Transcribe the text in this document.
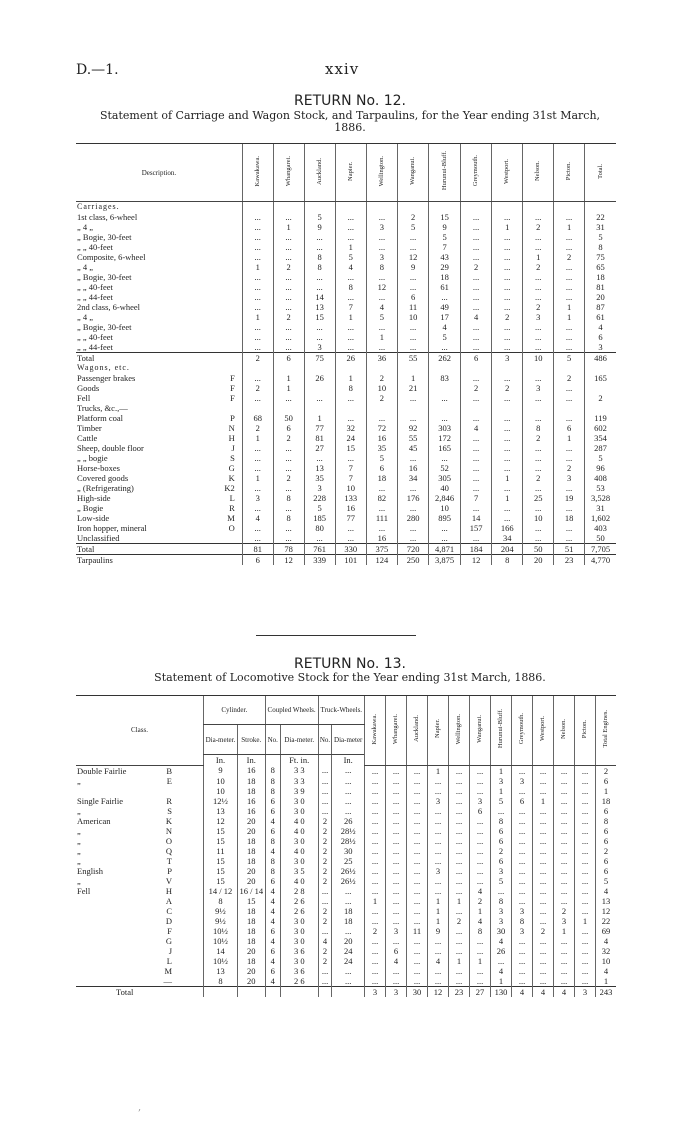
D.—1.	xxiv
RETURN No. 12.
Statement of Carriage and Wagon Stock, and Tarpaulins, for the Year ending 31st March, 1886.
Description.	Kawakawa.	Whangarei.	Auckland.	Napier.	Wellington.	Wanganui.	Hurunui-Bluff.	Greymouth.	Westport.	Nelson.	Picton.	Total.
Carriages.												
1st class, 6-wheel	...	...	5	...	...	2	15	...	...	...	...	22
„ 4 „	...	1	9	...	3	5	9	...	1	2	1	31
„ Bogie, 30-feet	...	...	...	...	...	...	5	...	...	...	...	5
„ „ 40-feet	...	...	...	1	...	...	7	...	...	...	...	8
Composite, 6-wheel	...	...	8	5	3	12	43	...	...	1	2	75
„ 4 „	1	2	8	4	8	9	29	2	...	2	...	65
„ Bogie, 30-feet	...	...	...	...	...	...	18	...	...	...	...	18
„ „ 40-feet	...	...	...	8	12	...	61	...	...	...	...	81
„ „ 44-feet	...	...	14	...	...	6	...	...	...	...	...	20
2nd class, 6-wheel	...	...	13	7	4	11	49	...	...	2	1	87
„ 4 „	1	2	15	1	5	10	17	4	2	3	1	61
„ Bogie, 30-feet	...	...	...	...	...	...	4	...	...	...	...	4
„ „ 40-feet	...	...	...	...	1	...	5	...	...	...	...	6
„ „ 44-feet	...	...	3	...	...	...	...	...	...	...	...	3
Total	2	6	75	26	36	55	262	6	3	10	5	486
Wagons, etc.												
Passenger brakes F	...	1	26	1	2	1	83	...	...	...	2	165
Goods F	2	1		8	10	21		2	2	3	...	
Fell F	...	...	...	...	2	...	...	...	...	...	...	2
Trucks, &c.,—

Platform coal P	68	50	1	...	...	...	...	...	...	...	...	119
Timber N	2	6	77	32	72	92	303	4	...	8	6	602
Cattle H	1	2	81	24	16	55	172	...	...	2	1	354
Sheep, double floor J	...	...	27	15	35	45	165	...	...	...	...	287
„ „ bogie S	...	...	...	...	5	...	...	...	...	...	...	5
Horse-boxes G	...	...	13	7	6	16	52	...	...	...	2	96
Covered goods K	1	2	35	7	18	34	305	...	1	2	3	408
„ (Refrigerating) K2	...	...	3	10	...	...	40	...	...	...	...	53
High-side L	3	8	228	133	82	176	2,846	7	1	25	19	3,528
„ Bogie R	...	...	5	16	...	...	10	...	...	...	...	31
Low-side M	4	8	185	77	111	280	895	14	...	10	18	1,602
Iron hopper, mineral O	...	...	80	...	...	...	...	157	166	...	...	403
Unclassified	...	...	...	...	16	...	...	...	34	...	...	50
Total	81	78	761	330	375	720	4,871	184	204	50	51	7,705
Tarpaulins	6	12	339	101	124	250	3,875	12	8	20	23	4,770
RETURN No. 13.
Statement of Locomotive Stock for the Year ending 31st March, 1886.
Class.	Cylinder.		Coupled Wheels.		Truck-Wheels.		Kawakawa.	Whangarei.	Auckland.	Napier.	Wellington.	Wanganui.	Hurunui-Bluff.	Greymouth.	Westport.	Nelson.	Picton.	Total Engines.
	Dia-meter.	Stroke.	No.	Dia-meter.	No.	Dia-meter												
	In.	In.		Ft. in.		In.												
Double Fairlie B	9	16	8	3 3	...	...	...	...	...	1	...	...	1	...	...	...	...	2
„ E	10	18	8	3 3	...	...	...	...	...	...	...	...	3	3	...	...	...	6

	10	18	8	3 9	...	...	...	...	...	...	...	...	1	...	...	...	...	1
Single Fairlie R	12½	16	6	3 0	...	...	...	...	...	3	...	3	5	6	1	...	...	18
„ S	13	16	6	3 0	...	...	...	...	...	...	...	6	...	...	...	...	...	6
American K	12	20	4	4 0	2	26	...	...	...	...	...	...	8	...	...	...	...	8
„ N	15	20	6	4 0	2	28½	...	...	...	...	...	...	6	...	...	...	...	6
„ O	15	18	8	3 0	2	28½	...	...	...	...	...	...	6	...	...	...	...	6
„ Q	11	18	4	4 0	2	30	...	...	...	...	...	...	2	...	...	...	...	2
„ T	15	18	8	3 0	2	25	...	...	...	...	...	...	6	...	...	...	...	6
English P	15	20	8	3 5	2	26½	...	...	...	3	...	...	3	...	...	...	...	6
„ V	15	20	6	4 0	2	26½	...	...	...	...	...	...	5	...	...	...	...	5
Fell H	14 / 12	16 / 14	4	2 8	...	...	...	...	...	...	...	4	...	...	...	...	...	4

A	8	15	4	2 6	...	...	1	...	...	1	1	2	8	...	...	...	...	13

C	9½	18	4	2 6	2	18	...	...	...	1	...	1	3	3	...	2	...	12

D	9½	18	4	3 0	2	18	...	...	...	1	2	4	3	8	...	3	1	22

F	10½	18	6	3 0	...	...	2	3	11	9	...	8	30	3	2	1	...	69

G	10½	18	4	3 0	4	20	...	...	...	...	...	...	4	...	...	...	...	4

J	14	20	6	3 6	2	24	...	6	...	...	...	...	26	...	...	...	...	32

L	10½	18	4	3 0	2	24	...	4	...	4	1	1	...	...	...	...	...	10

M	13	20	6	3 6	...	...	...	...	...	...	...	...	4	...	...	...	...	4

—	8	20	4	2 6	...	...	...	...	...	...	...	...	1	...	...	...	...	1
Total							3	3	30	12	23	27	130	4	4	4	3	243
,
